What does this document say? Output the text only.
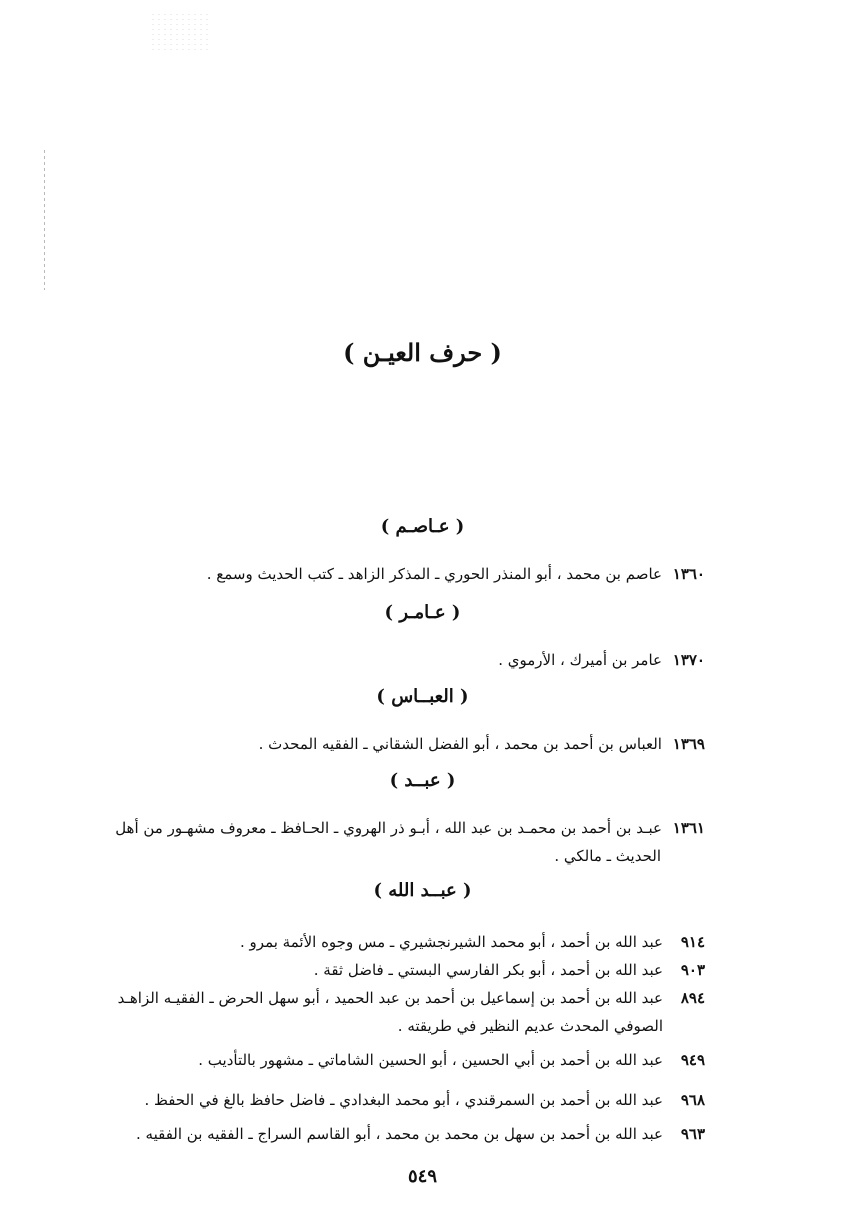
( حرف العيـن )
( عـاصـم )
١٣٦٠ عاصم بن محمد ، أبو المنذر الحوري ـ المذكر الزاهد ـ كتب الحديث وسمع .
( عـامـر )
١٣٧٠ عامر بن أميرك ، الأرموي .
( العبــاس )
١٣٦٩ العباس بن أحمد بن محمد ، أبو الفضل الشقاني ـ الفقيه المحدث .
( عبــد )
١٣٦١ عبـد بن أحمد بن محمـد بن عبد الله ، أبـو ذر الهروي ـ الحـافظ ـ معروف مشهـور من أهل
الحديث ـ مالكي .
( عبــد الله )
٩١٤
عبد الله بن أحمد ، أبو محمد الشيرنجشيري ـ مس وجوه الأئمة بمرو .
٩٠٣
عبد الله بن أحمد ، أبو بكر الفارسي البستي ـ فاضل ثقة .
٨٩٤
عبد الله بن أحمد بن إسماعيل بن أحمد بن عبد الحميد ، أبو سهل الحرض ـ الفقيـه الزاهـد
الصوفي المحدث عديم النظير في طريقته .
٩٤٩
عبد الله بن أحمد بن أبي الحسين ، أبو الحسين الشاماتي ـ مشهور بالتأديب .
٩٦٨
عبد الله بن أحمد بن السمرقندي ، أبو محمد البغدادي ـ فاضل حافظ بالغ في الحفظ .
٩٦٣
عبد الله بن أحمد بن سهل بن محمد بن محمد ، أبو القاسم السراج ـ الفقيه بن الفقيه .
٥٤٩
